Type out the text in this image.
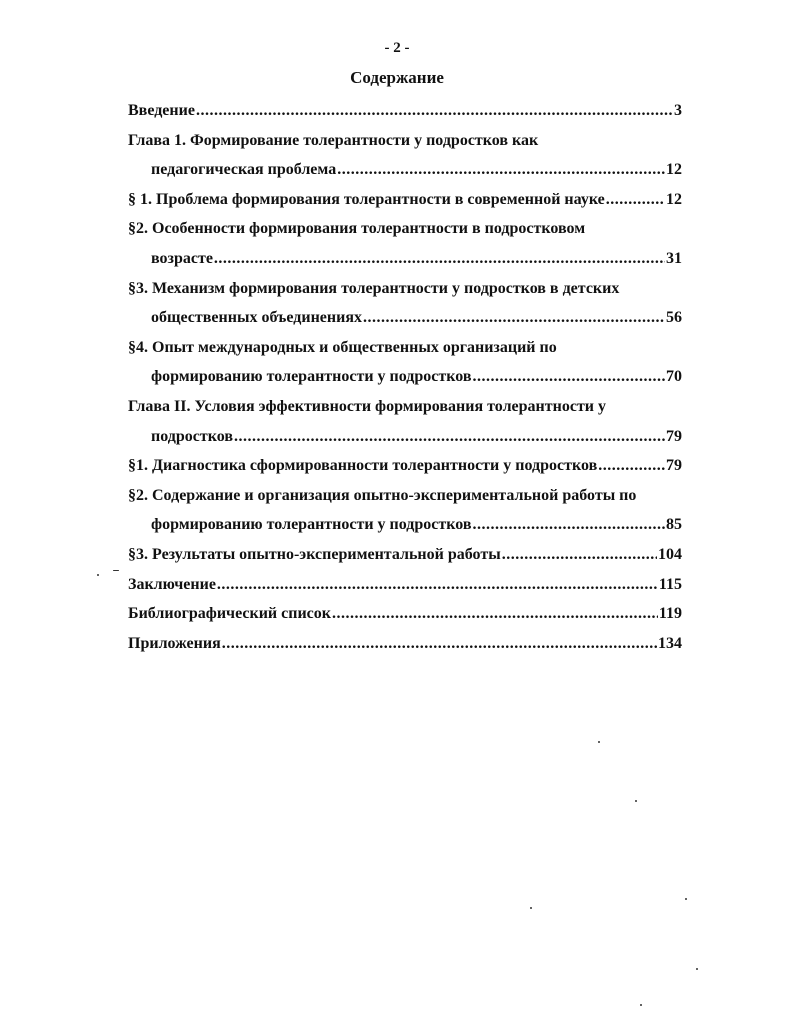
- 2 -
Содержание
Введение .....	3
Глава 1. Формирование толерантности у подростков как
педагогическая проблема .....	12
§ 1. Проблема формирования толерантности в современной науке .....	12
§2. Особенности формирования толерантности в подростковом
возрасте .....	31
§3. Механизм формирования толерантности у подростков в детских
общественных объединениях .....	56
§4. Опыт международных и общественных организаций по
формированию толерантности у подростков .....	70
Глава II. Условия эффективности формирования толерантности у
подростков .....	79
§1. Диагностика сформированности толерантности у подростков .....	79
§2. Содержание и организация опытно-экспериментальной работы по
формированию толерантности у подростков .....	85
§3. Результаты опытно-экспериментальной работы .....	104
Заключение .....	115
Библиографический список .....	119
Приложения .....	134
